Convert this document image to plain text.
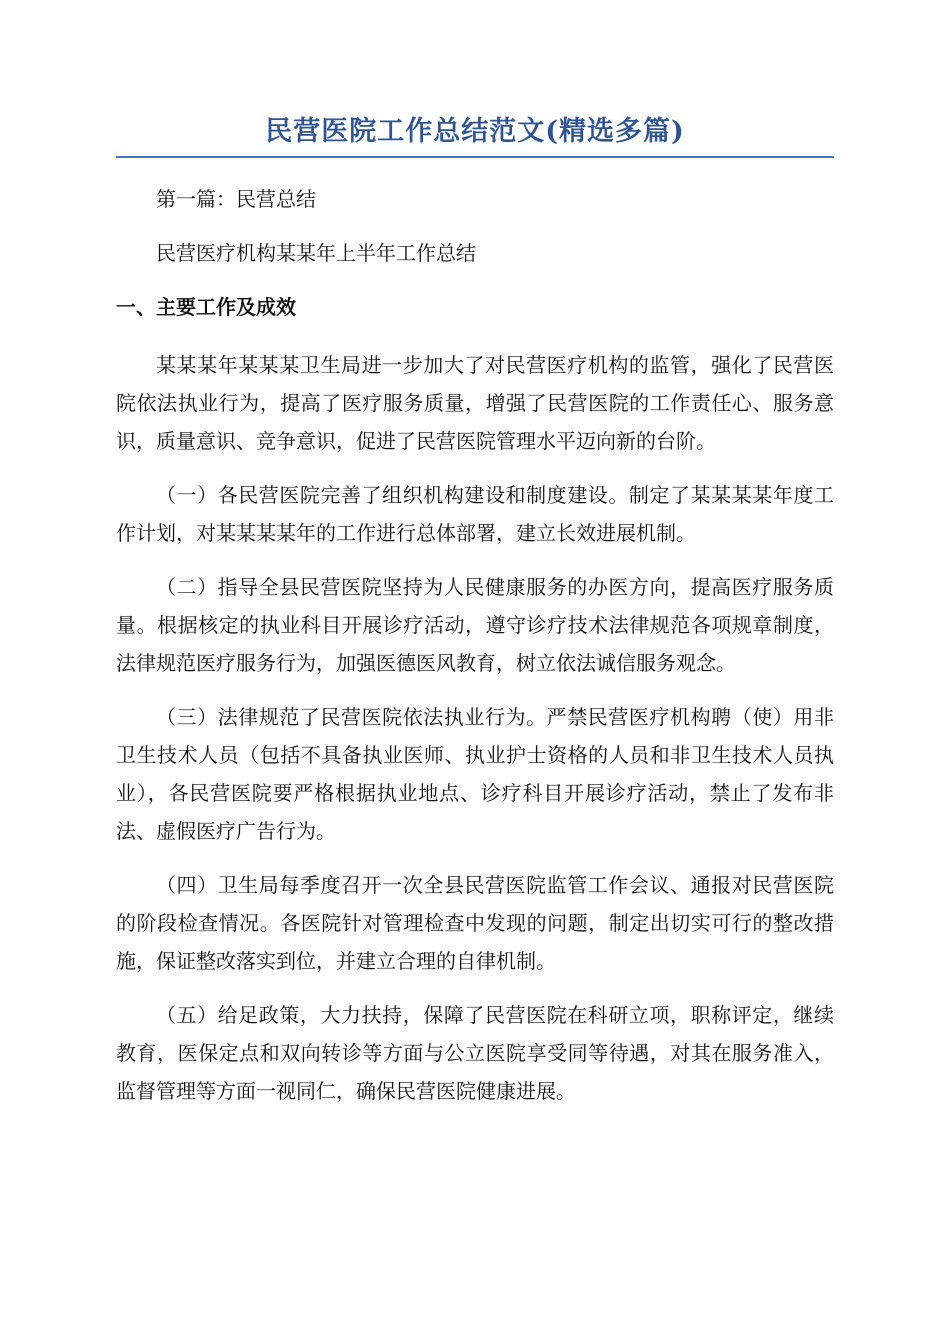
民营医院工作总结范文(精选多篇)

第一篇：民营总结

民营医疗机构某某年上半年工作总结

一、主要工作及成效

某某某年某某某卫生局进一步加大了对民营医疗机构的监管，强化了民营医院依法执业行为，提高了医疗服务质量，增强了民营医院的工作责任心、服务意识，质量意识、竞争意识，促进了民营医院管理水平迈向新的台阶。

（一）各民营医院完善了组织机构建设和制度建设。制定了某某某某年度工作计划，对某某某某年的工作进行总体部署，建立长效进展机制。

（二）指导全县民营医院坚持为人民健康服务的办医方向，提高医疗服务质量。根据核定的执业科目开展诊疗活动，遵守诊疗技术法律规范各项规章制度，法律规范医疗服务行为，加强医德医风教育，树立依法诚信服务观念。

（三）法律规范了民营医院依法执业行为。严禁民营医疗机构聘（使）用非卫生技术人员（包括不具备执业医师、执业护士资格的人员和非卫生技术人员执业），各民营医院要严格根据执业地点、诊疗科目开展诊疗活动，禁止了发布非法、虚假医疗广告行为。

（四）卫生局每季度召开一次全县民营医院监管工作会议、通报对民营医院的阶段检查情况。各医院针对管理检查中发现的问题，制定出切实可行的整改措施，保证整改落实到位，并建立合理的自律机制。

（五）给足政策，大力扶持，保障了民营医院在科研立项，职称评定，继续教育，医保定点和双向转诊等方面与公立医院享受同等待遇，对其在服务准入，监督管理等方面一视同仁，确保民营医院健康进展。
